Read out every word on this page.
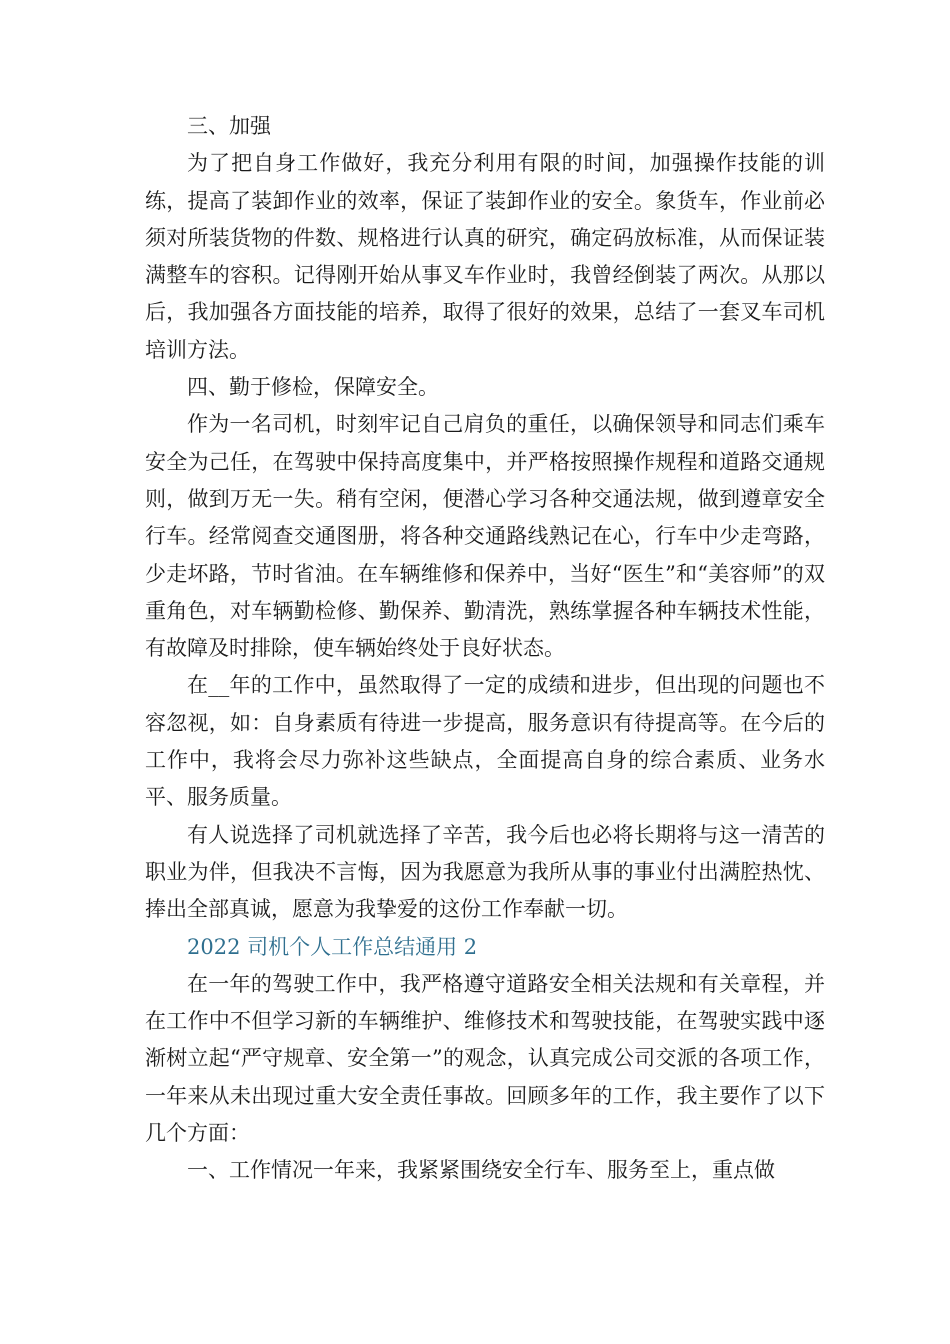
三、加强

为了把自身工作做好，我充分利用有限的时间，加强操作技能的训练，提高了装卸作业的效率，保证了装卸作业的安全。象货车，作业前必须对所装货物的件数、规格进行认真的研究，确定码放标准，从而保证装满整车的容积。记得刚开始从事叉车作业时，我曾经倒装了两次。从那以后，我加强各方面技能的培养，取得了很好的效果，总结了一套叉车司机培训方法。

四、勤于修检，保障安全。

作为一名司机，时刻牢记自己肩负的重任，以确保领导和同志们乘车安全为己任，在驾驶中保持高度集中，并严格按照操作规程和道路交通规则，做到万无一失。稍有空闲，便潜心学习各种交通法规，做到遵章安全行车。经常阅查交通图册，将各种交通路线熟记在心，行车中少走弯路，少走坏路，节时省油。在车辆维修和保养中，当好“医生”和“美容师”的双重角色，对车辆勤检修、勤保养、勤清洗，熟练掌握各种车辆技术性能，有故障及时排除，使车辆始终处于良好状态。

在__年的工作中，虽然取得了一定的成绩和进步，但出现的问题也不容忽视，如：自身素质有待进一步提高，服务意识有待提高等。在今后的工作中，我将会尽力弥补这些缺点，全面提高自身的综合素质、业务水平、服务质量。

有人说选择了司机就选择了辛苦，我今后也必将长期将与这一清苦的职业为伴，但我决不言悔，因为我愿意为我所从事的事业付出满腔热忱、捧出全部真诚，愿意为我挚爱的这份工作奉献一切。

2022 司机个人工作总结通用 2

在一年的驾驶工作中，我严格遵守道路安全相关法规和有关章程，并在工作中不但学习新的车辆维护、维修技术和驾驶技能，在驾驶实践中逐渐树立起“严守规章、安全第一”的观念，认真完成公司交派的各项工作，一年来从未出现过重大安全责任事故。回顾多年的工作，我主要作了以下几个方面：

一、工作情况一年来，我紧紧围绕安全行车、服务至上，重点做
